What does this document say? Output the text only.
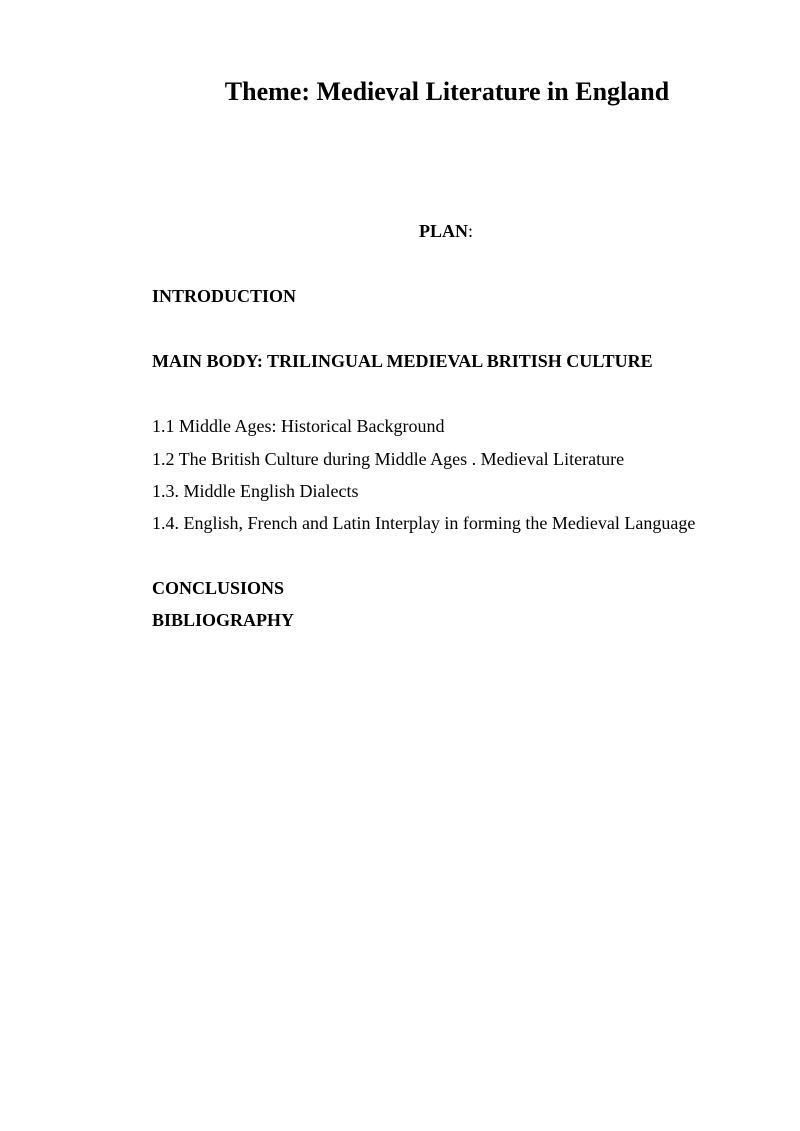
Theme: Medieval Literature in England
PLAN:
INTRODUCTION
MAIN BODY: TRILINGUAL MEDIEVAL BRITISH CULTURE
1.1 Middle Ages: Historical Background
1.2 The British Culture during Middle Ages . Medieval Literature
1.3. Middle English Dialects
1.4. English, French and Latin Interplay in forming the Medieval Language
CONCLUSIONS
BIBLIOGRAPHY
